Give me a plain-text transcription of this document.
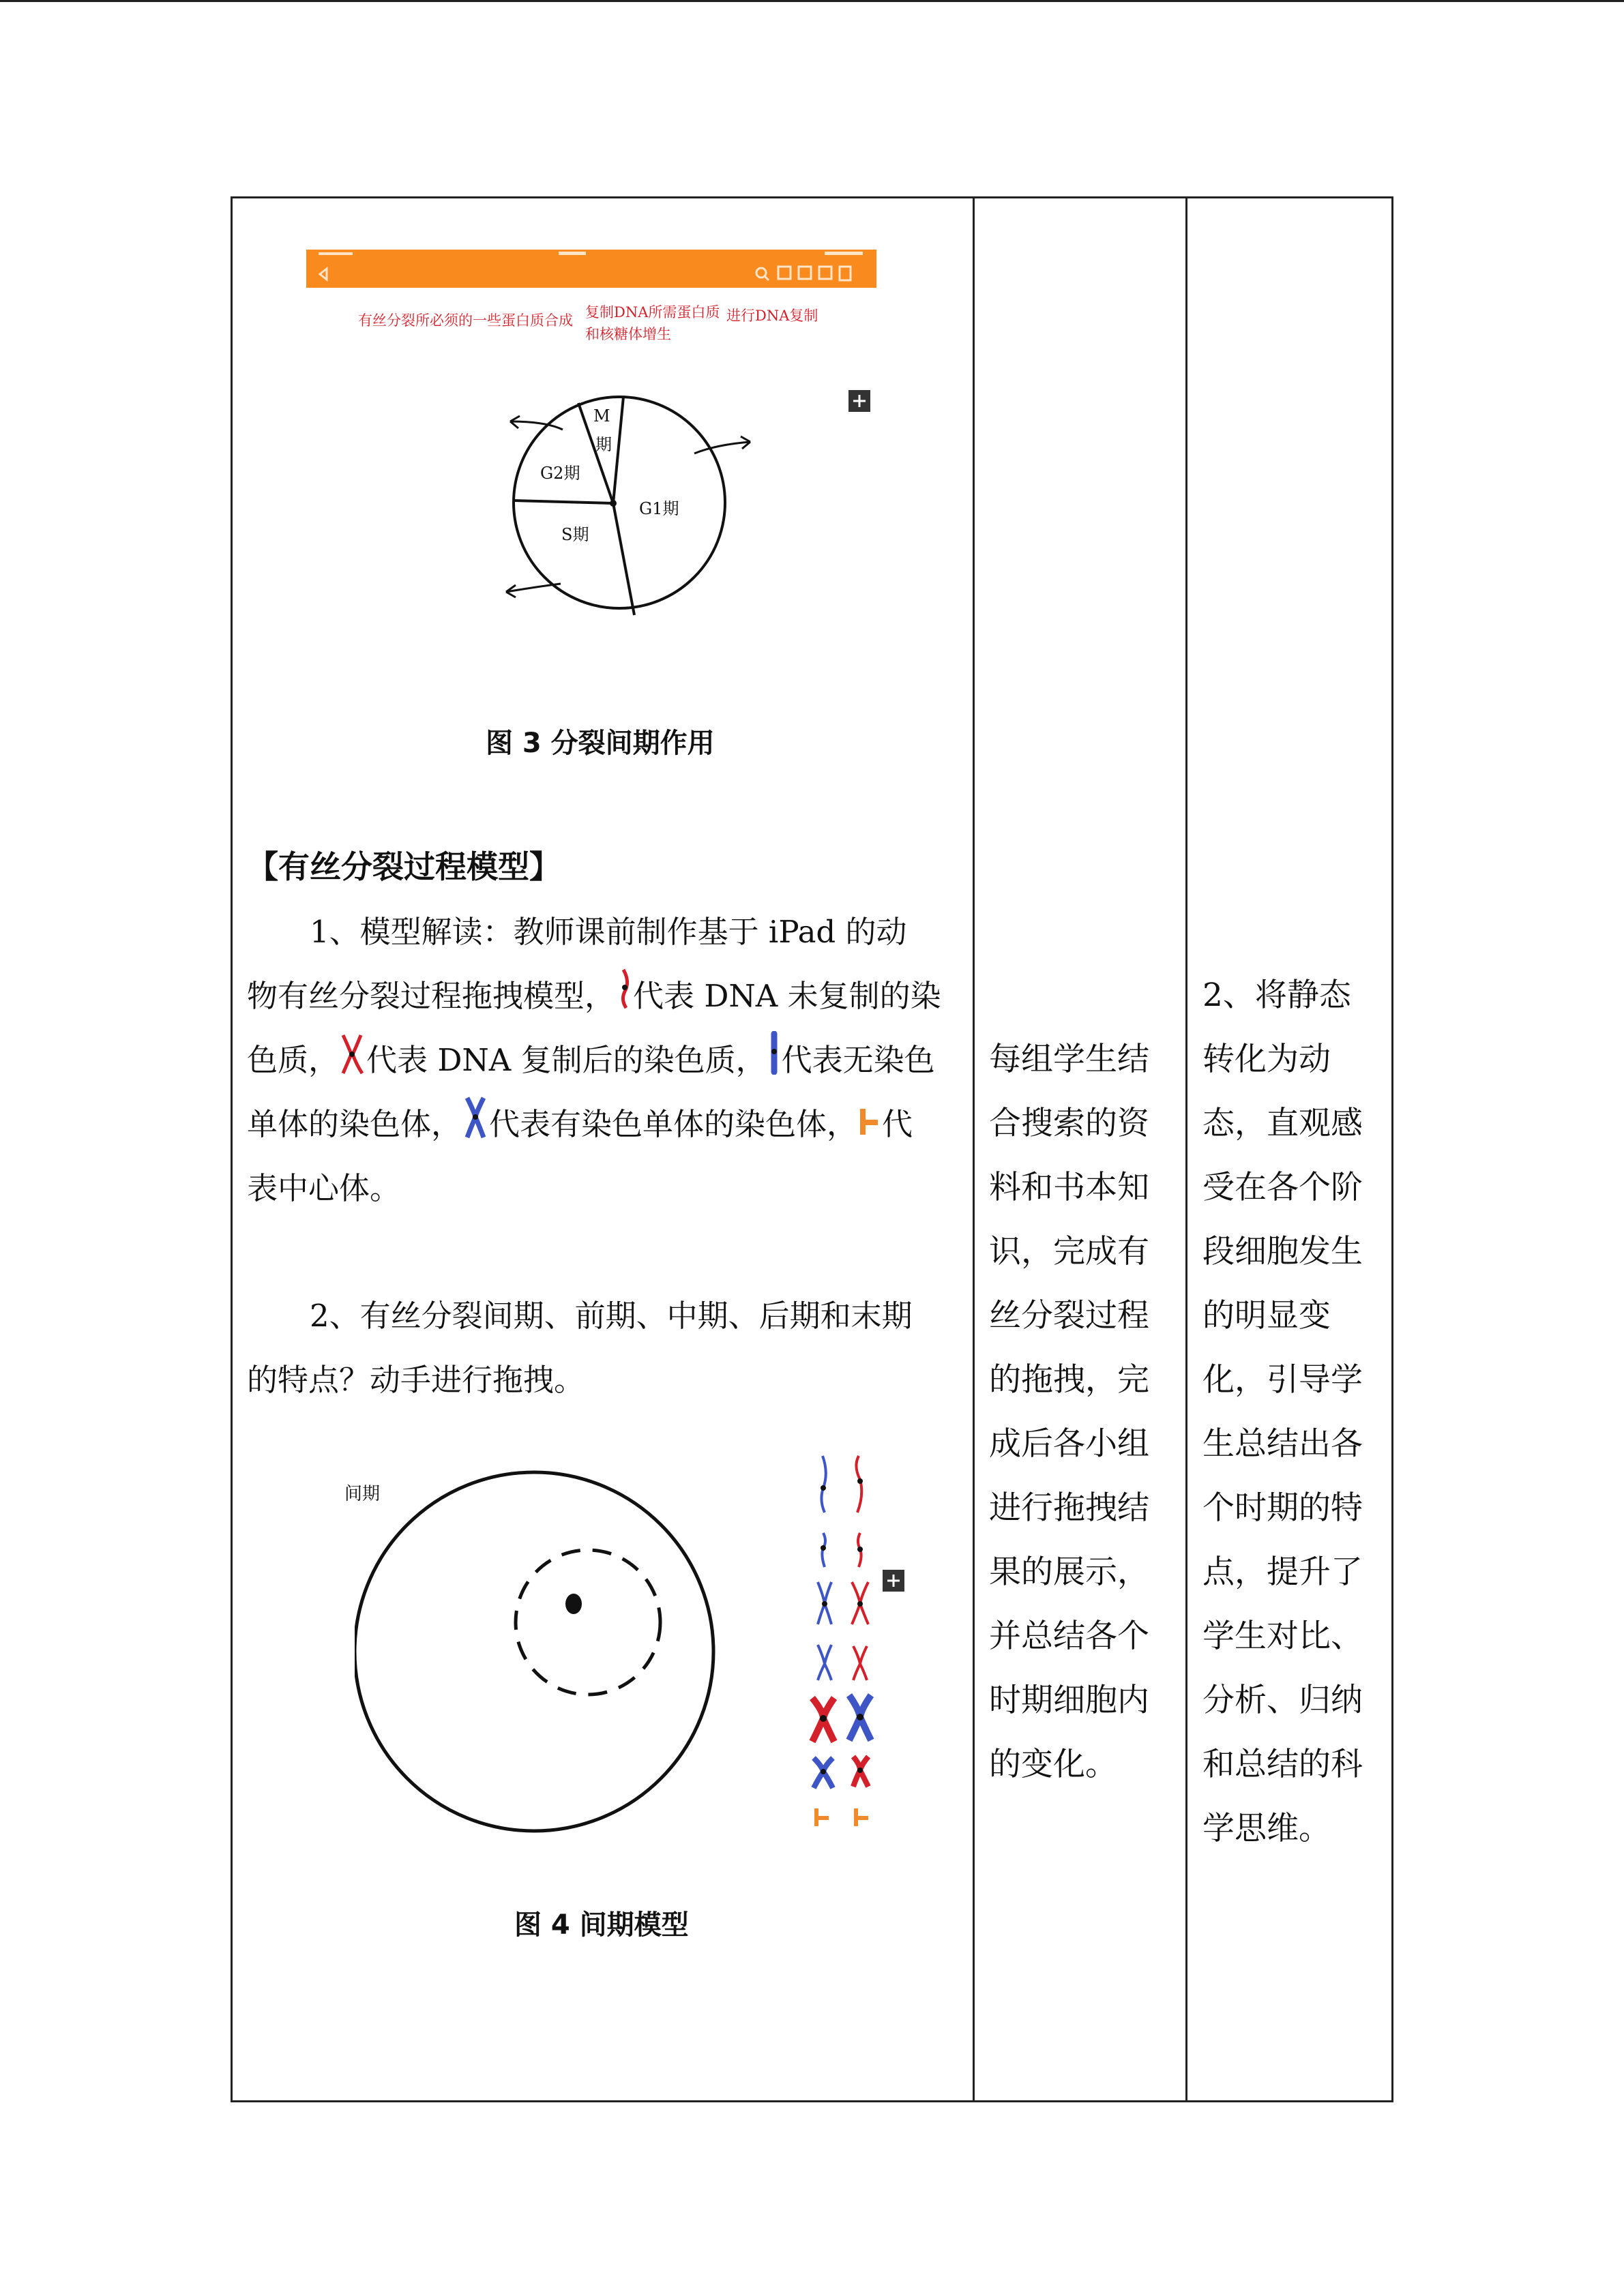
有丝分裂所必须的一些蛋白质合成 复制DNA所需蛋白质
和核糖体增生
进行DNA复制
M
期
G2期
S期
G1期
图 3 分裂间期作用
【有丝分裂过程模型】

1、模型解读：教师课前制作基于 iPad 的动
物有丝分裂过程拖拽模型， 代表 DNA 未复制的染
色质， 代表 DNA 复制后的染色质， 代表无染色
单体的染色体， 代表有染色单体的染色体， 代
表中心体。

2、有丝分裂间期、前期、中期、后期和末期
的特点？动手进行拖拽。

间期
图 4 间期模型

每组学生结
合搜索的资
料和书本知
识，完成有
丝分裂过程
的拖拽，完
成后各小组
进行拖拽结
果的展示，
并总结各个
时期细胞内
的变化。

2、将静态
转化为动
态，直观感
受在各个阶
段细胞发生
的明显变
化，引导学
生总结出各
个时期的特
点，提升了
学生对比、
分析、归纳
和总结的科
学思维。
